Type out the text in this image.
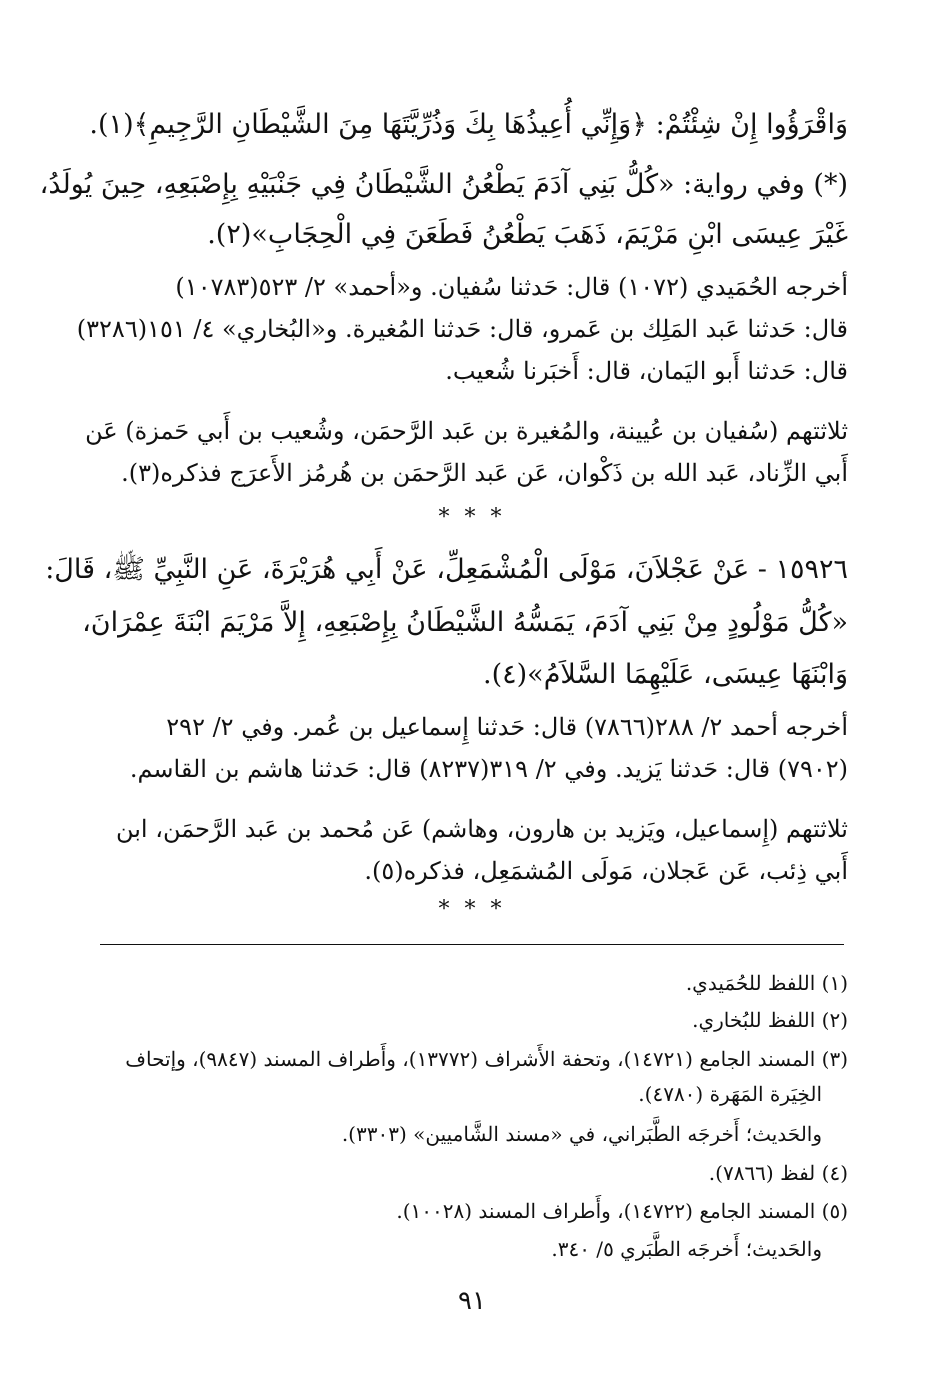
وَاقْرَؤُوا إِنْ شِئْتُمْ: ﴿وَإِنِّي أُعِيذُهَا بِكَ وَذُرِّيَّتَهَا مِنَ الشَّيْطَانِ الرَّجِيمِ﴾(١).
(*) وفي رواية: «كُلُّ بَنِي آدَمَ يَطْعُنُ الشَّيْطَانُ فِي جَنْبَيْهِ بِإِصْبَعِهِ، حِينَ يُولَدُ،
غَيْرَ عِيسَى ابْنِ مَرْيَمَ، ذَهَبَ يَطْعُنُ فَطَعَنَ فِي الْحِجَابِ»(٢).
أخرجه الحُمَيدي (١٠٧٢) قال: حَدثنا سُفيان. و«أحمد» ٢/ ٥٢٣(١٠٧٨٣)
قال: حَدثنا عَبد المَلِك بن عَمرو، قال: حَدثنا المُغيرة. و«البُخاري» ٤/ ١٥١(٣٢٨٦)
قال: حَدثنا أَبو اليَمان، قال: أَخبَرنا شُعيب.
ثلاثتهم (سُفيان بن عُيينة، والمُغيرة بن عَبد الرَّحمَن، وشُعيب بن أَبي حَمزة) عَن
أَبي الزِّناد، عَبد الله بن ذَكْوان، عَن عَبد الرَّحمَن بن هُرمُز الأَعرَج فذكره(٣).
* * *
١٥٩٢٦ - عَنْ عَجْلاَنَ، مَوْلَى الْمُشْمَعِلِّ، عَنْ أَبِي هُرَيْرَةَ، عَنِ النَّبِيِّ ﷺ، قَالَ:
«كُلُّ مَوْلُودٍ مِنْ بَنِي آدَمَ، يَمَسُّهُ الشَّيْطَانُ بِإِصْبَعِهِ، إِلاَّ مَرْيَمَ ابْنَةَ عِمْرَانَ،
وَابْنَهَا عِيسَى، عَلَيْهِمَا السَّلاَمُ»(٤).
أخرجه أحمد ٢/ ٢٨٨(٧٨٦٦) قال: حَدثنا إِسماعيل بن عُمر. وفي ٢/ ٢٩٢
(٧٩٠٢) قال: حَدثنا يَزيد. وفي ٢/ ٣١٩(٨٢٣٧) قال: حَدثنا هاشم بن القاسم.
ثلاثتهم (إِسماعيل، ويَزيد بن هارون، وهاشم) عَن مُحمد بن عَبد الرَّحمَن، ابن
أَبي ذِئب، عَن عَجلان، مَولَى المُشمَعِل، فذكره(٥).
* * *
(١) اللفظ للحُمَيدي.
(٢) اللفظ للبُخاري.
(٣) المسند الجامع (١٤٧٢١)، وتحفة الأَشراف (١٣٧٧٢)، وأَطراف المسند (٩٨٤٧)، وإتحاف
الخِيَرة المَهَرة (٤٧٨٠).
والحَديث؛ أَخرجَه الطَّبَراني، في «مسند الشَّاميين» (٣٣٠٣).
(٤) لفظ (٧٨٦٦).
(٥) المسند الجامع (١٤٧٢٢)، وأَطراف المسند (١٠٠٢٨).
والحَديث؛ أَخرجَه الطَّبَري ٥/ ٣٤٠.
٩١
